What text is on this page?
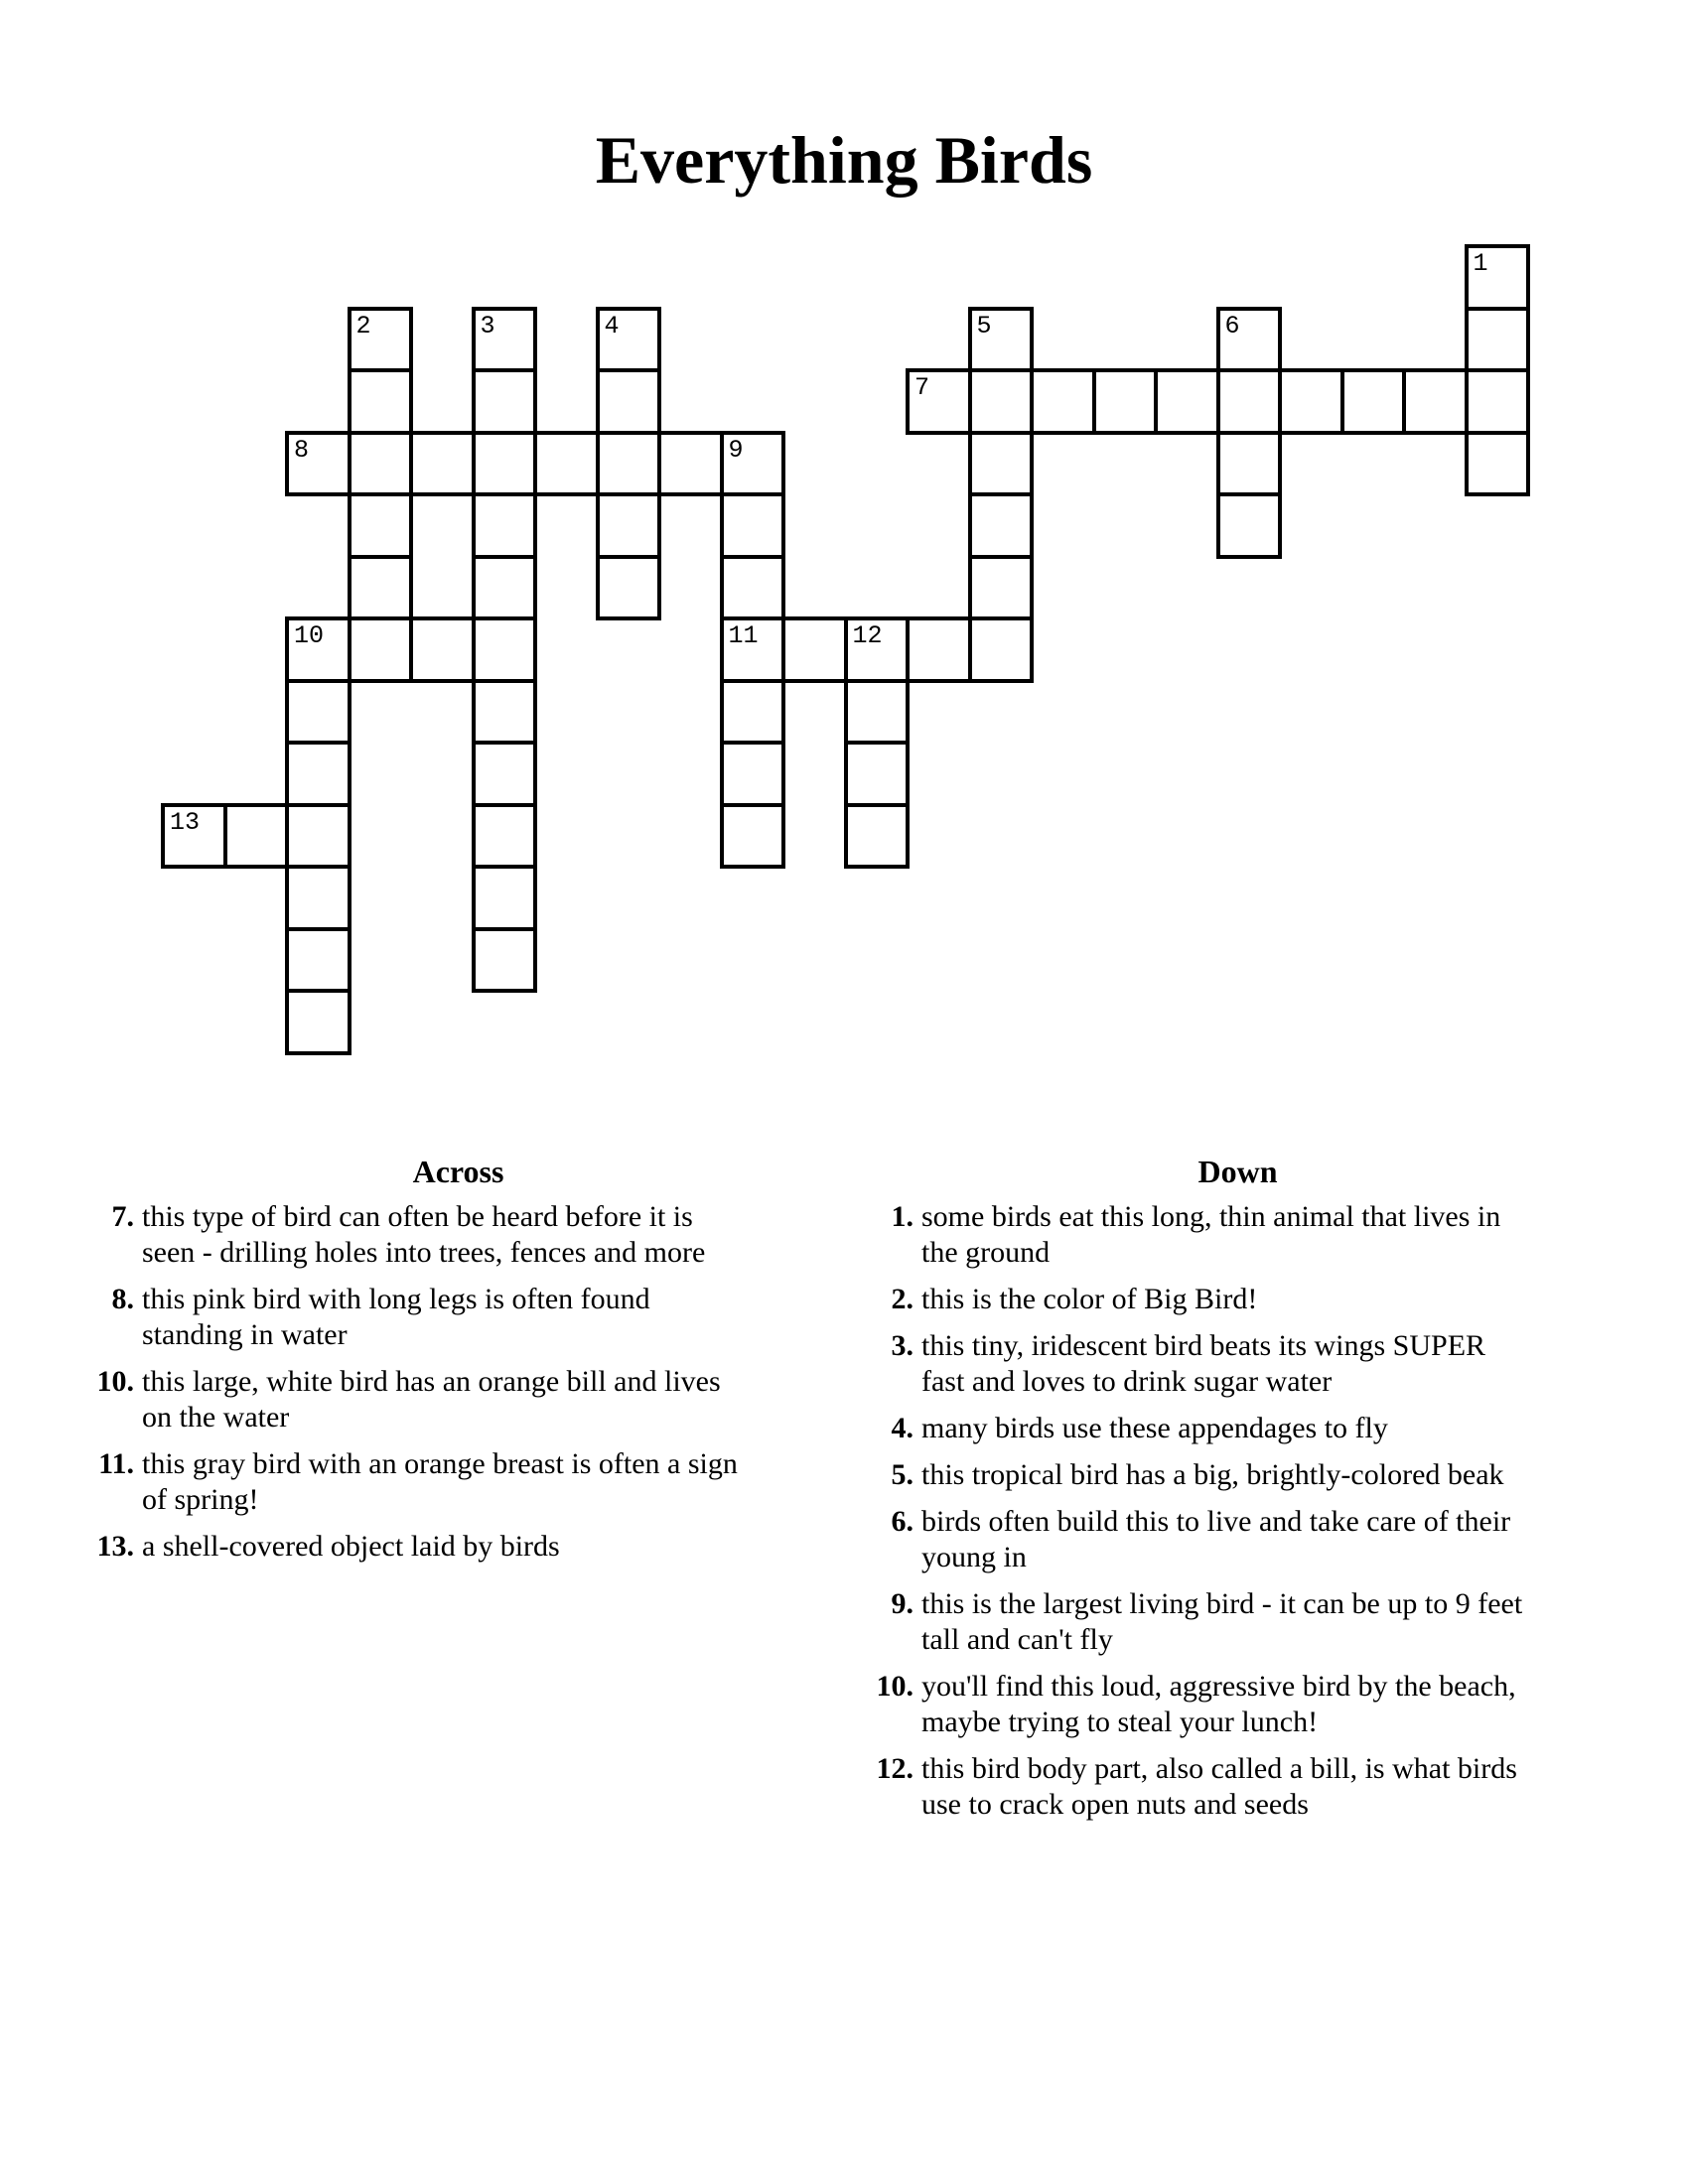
Everything Birds
1
2	3	4	5	6
7
8	9
10	11	12
13
Across
7. this type of bird can often be heard before it is
seen - drilling holes into trees, fences and more
8. this pink bird with long legs is often found
standing in water
10. this large, white bird has an orange bill and lives
on the water
11. this gray bird with an orange breast is often a sign
of spring!
13. a shell-covered object laid by birds
Down
1. some birds eat this long, thin animal that lives in
the ground
2. this is the color of Big Bird!
3. this tiny, iridescent bird beats its wings SUPER
fast and loves to drink sugar water
4. many birds use these appendages to fly
5. this tropical bird has a big, brightly-colored beak
6. birds often build this to live and take care of their
young in
9. this is the largest living bird - it can be up to 9 feet
tall and can't fly
10. you'll find this loud, aggressive bird by the beach,
maybe trying to steal your lunch!
12. this bird body part, also called a bill, is what birds
use to crack open nuts and seeds
